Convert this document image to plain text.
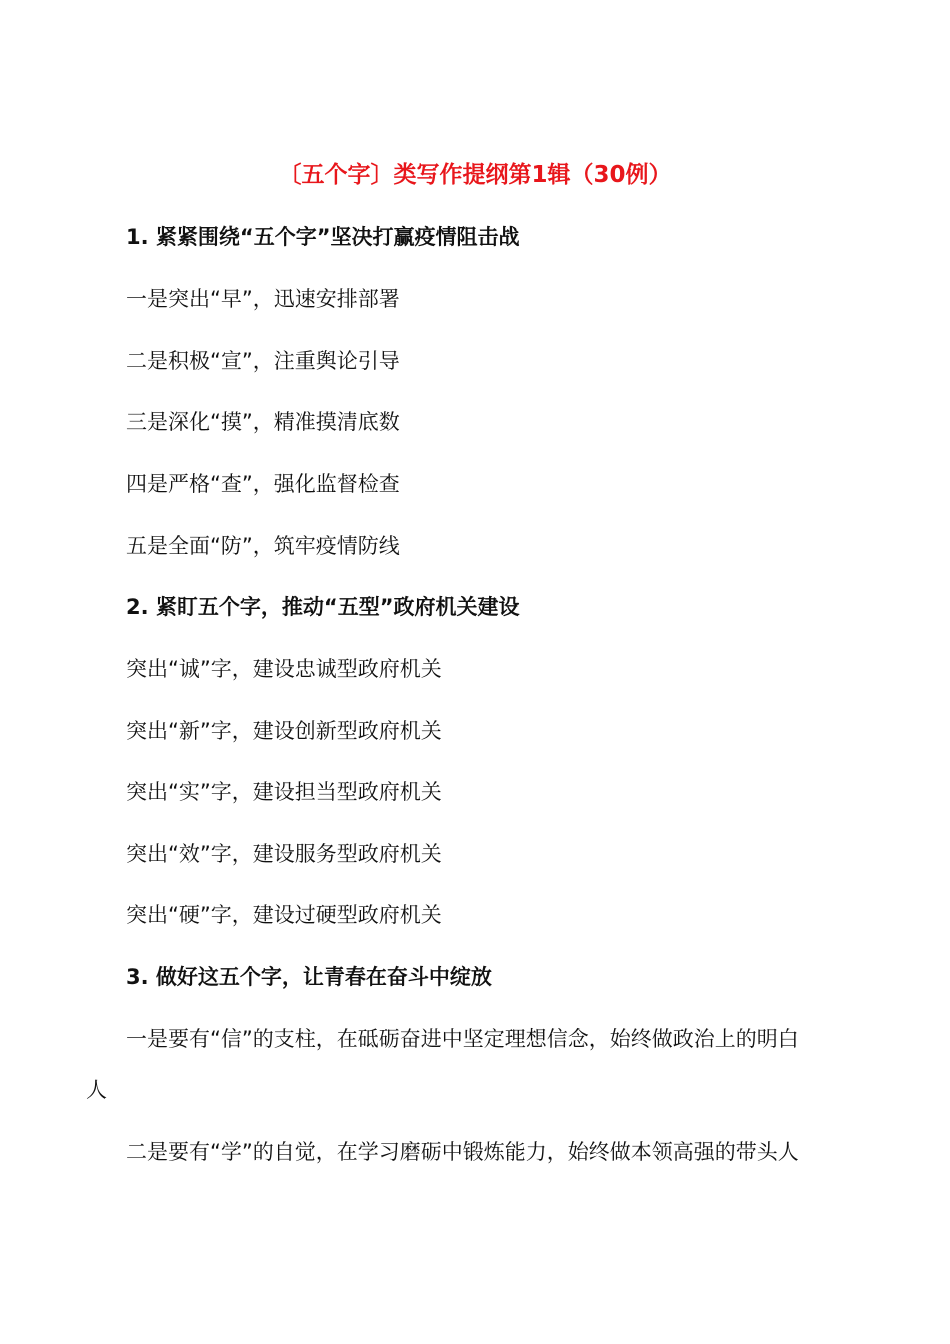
〔五个字〕类写作提纲第1辑（30例）
1. 紧紧围绕“五个字”坚决打赢疫情阻击战
一是突出“早”，迅速安排部署
二是积极“宣”，注重舆论引导
三是深化“摸”，精准摸清底数
四是严格“查”，强化监督检查
五是全面“防”，筑牢疫情防线
2. 紧盯五个字，推动“五型”政府机关建设
突出“诚”字，建设忠诚型政府机关
突出“新”字，建设创新型政府机关
突出“实”字，建设担当型政府机关
突出“效”字，建设服务型政府机关
突出“硬”字，建设过硬型政府机关
3. 做好这五个字，让青春在奋斗中绽放
一是要有“信”的支柱，在砥砺奋进中坚定理想信念，始终做政治上的明白
人
二是要有“学”的自觉，在学习磨砺中锻炼能力，始终做本领高强的带头人
